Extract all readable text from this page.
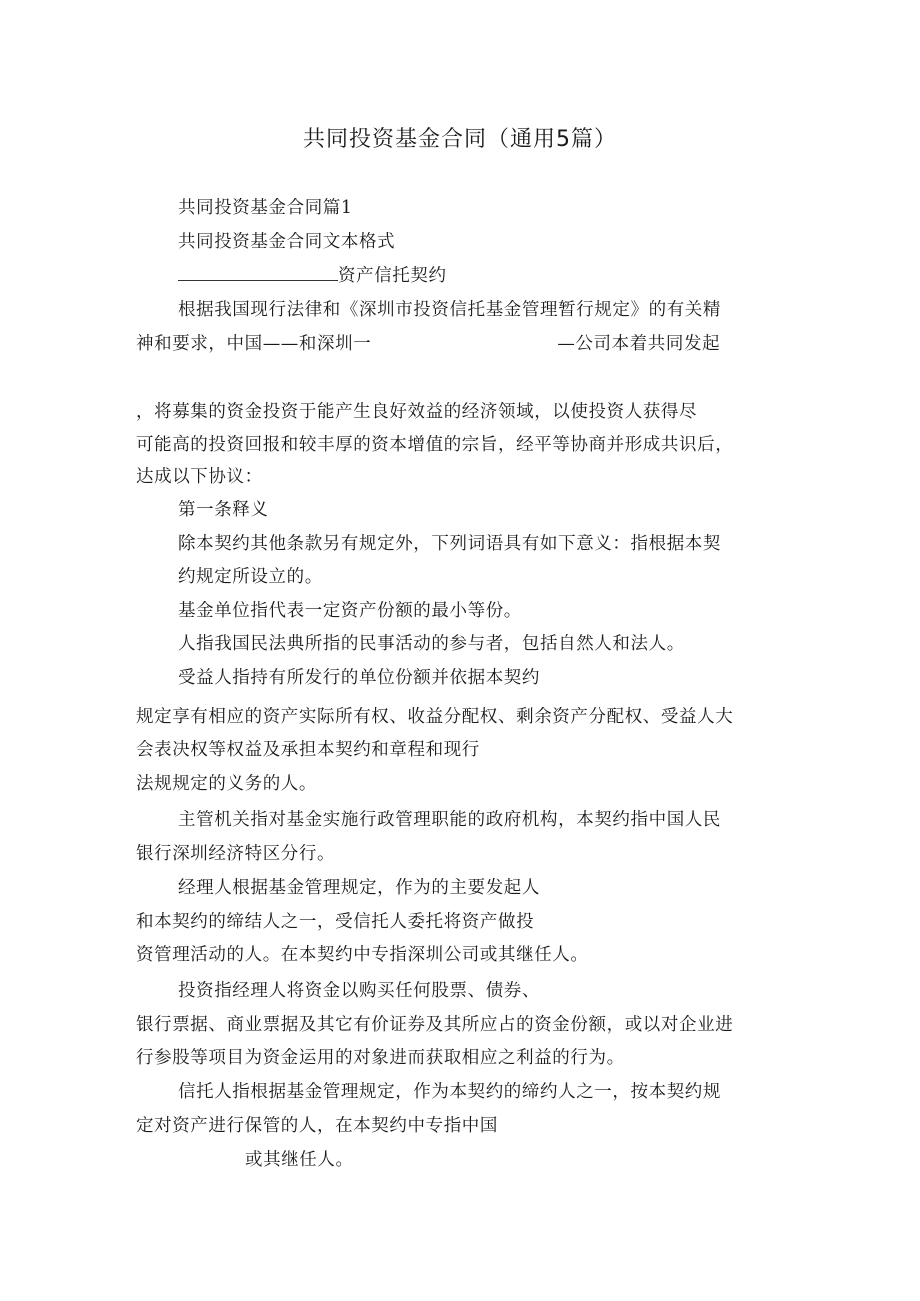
共同投资基金合同（通用5篇）

共同投资基金合同篇1

共同投资基金合同文本格式

资产信托契约

根据我国现行法律和《深圳市投资信托基金管理暂行规定》的有关精

神和要求，中国——和深圳一	—公司本着共同发起

，将募集的资金投资于能产生良好效益的经济领域，以使投资人获得尽

可能高的投资回报和较丰厚的资本增值的宗旨，经平等协商并形成共识后，

达成以下协议：

第一条释义

除本契约其他条款另有规定外，下列词语具有如下意义：指根据本契

约规定所设立的。

基金单位指代表一定资产份额的最小等份。

人指我国民法典所指的民事活动的参与者，包括自然人和法人。

受益人指持有所发行的单位份额并依据本契约

规定享有相应的资产实际所有权、收益分配权、剩余资产分配权、受益人大

会表决权等权益及承担本契约和章程和现行

法规规定的义务的人。

主管机关指对基金实施行政管理职能的政府机构，本契约指中国人民

银行深圳经济特区分行。

经理人根据基金管理规定，作为的主要发起人

和本契约的缔结人之一，受信托人委托将资产做投

资管理活动的人。在本契约中专指深圳公司或其继任人。

投资指经理人将资金以购买任何股票、债券、

银行票据、商业票据及其它有价证券及其所应占的资金份额，或以对企业进

行参股等项目为资金运用的对象进而获取相应之利益的行为。

信托人指根据基金管理规定，作为本契约的缔约人之一，按本契约规

定对资产进行保管的人，在本契约中专指中国

或其继任人。
